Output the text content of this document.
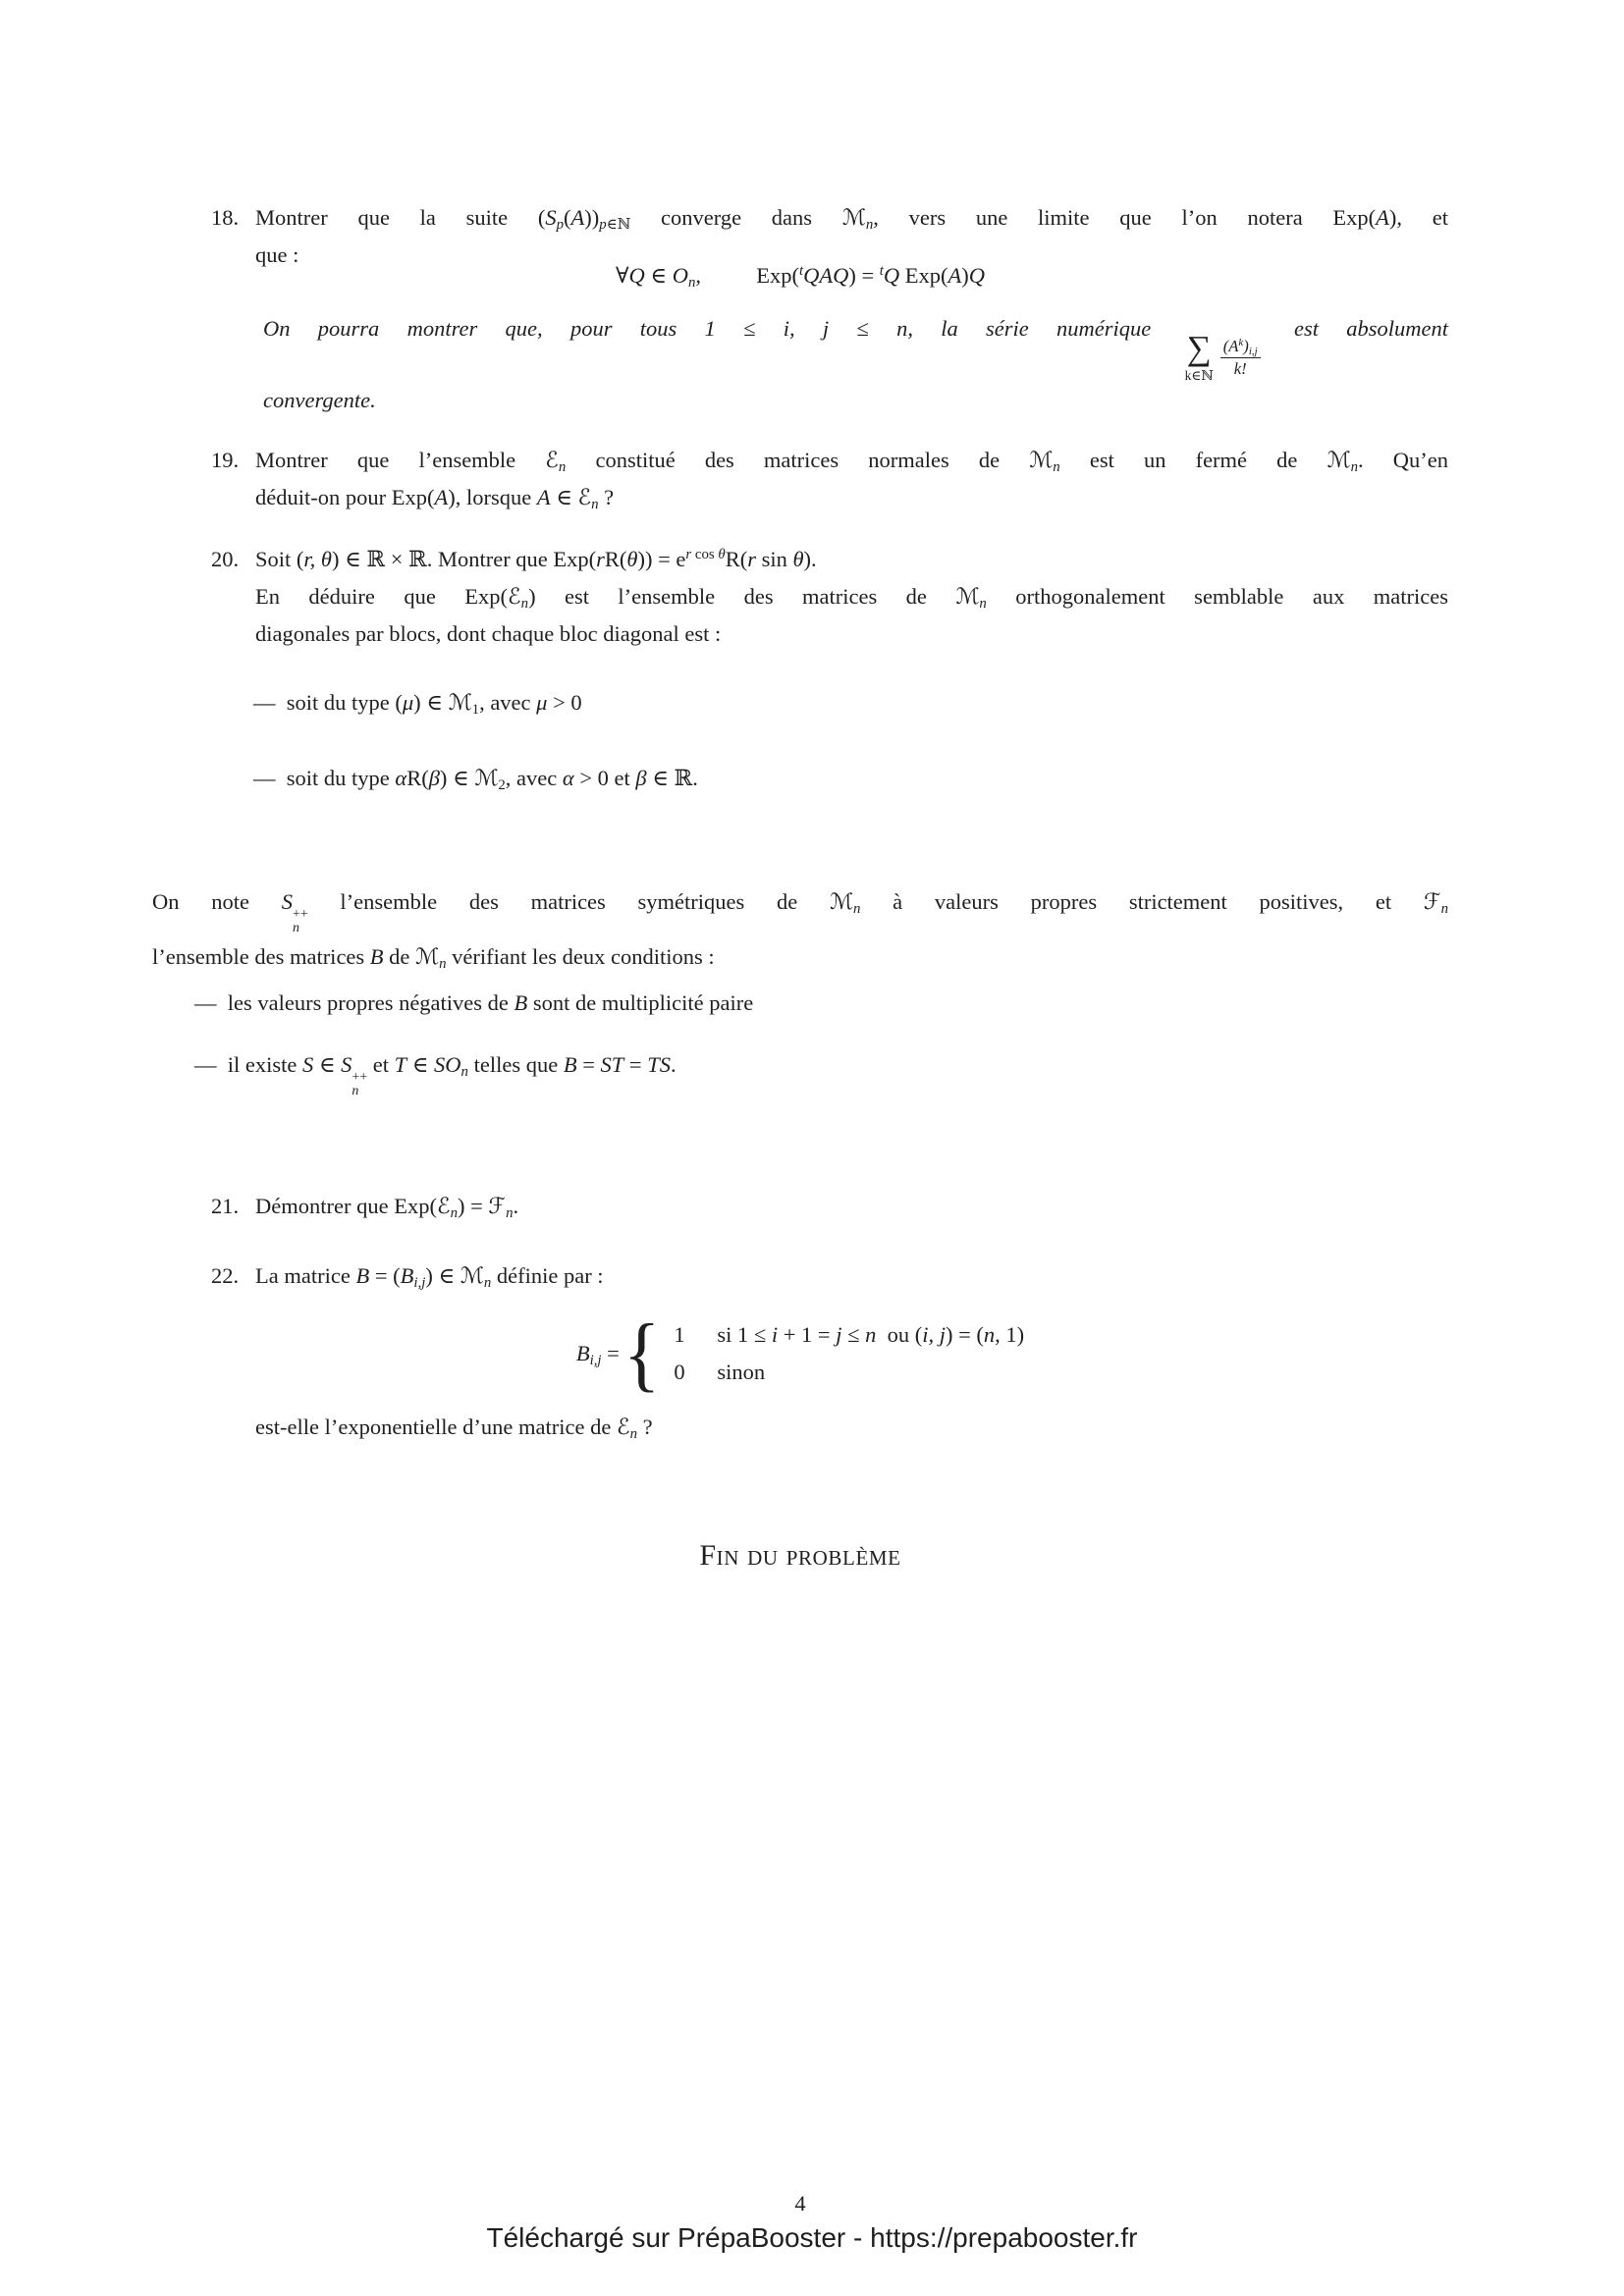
18. Montrer que la suite (Sp(A))p∈ℕ converge dans ℳn, vers une limite que l’on notera Exp(A), et
que :
∀Q ∈ On,   	Exp($^t$QAQ) = $^t$Q Exp(A)Q
On pourra montrer que, pour tous 1 ≤ i, j ≤ n, la série numérique
∑
k∈ℕ $\frac{(A^k)i,j}{k!}$
est absolument
convergente.
19. Montrer que l’ensemble ℰn constitué des matrices normales de ℳn est un fermé de ℳn. Qu’en
déduit-on pour Exp(A), lorsque A ∈ ℰn ?
20. Soit (r, θ) ∈ ℝ × ℝ. Montrer que $Exp(rR(\theta)) = e^{r cos \theta}R(r$ sin θ).
En déduire que Exp(ℰn) est l’ensemble des matrices de ℳn orthogonalement semblable aux matrices
diagonales par blocs, dont chaque bloc diagonal est :
— soit du type (μ) ∈ ℳ1, avec μ > 0
— soit du type αR(β) ∈ ℳ2, avec α > 0 et β ∈ ℝ.
On note S
++
n
l’ensemble des matrices symétriques de ℳn à valeurs propres strictement positives, et ℱn
l’ensemble des matrices B de ℳn vérifiant les deux conditions :
— les valeurs propres négatives de B sont de multiplicité paire
— il existe S ∈ S
++
n
et T ∈ SOn telles que B = ST = TS.
21. Démontrer que Exp(ℰn) = ℱn.
22. La matrice B = (Bi,j) ∈ ℳn définie par :
Bi,j = { 1	si 1 ≤ i + 1 = j ≤ n ou (i, j) = (n, 1)
0	sinon
est-elle l’exponentielle d’une matrice de ℰn ?
Fin du problème
4
Téléchargé sur PrépaBooster - https://prepabooster.fr
